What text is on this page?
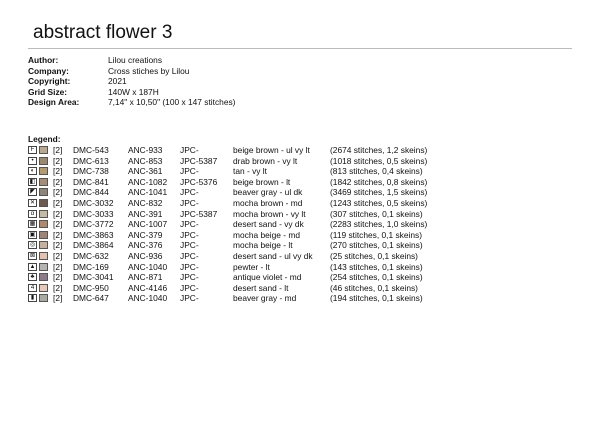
abstract flower 3
Author:	Lilou creations
Company:	Cross stiches by Lilou
Copyright:	2021
Grid Size:	140W x 187H
Design Area:	7,14" x 10,50" (100 x 147 stitches)
Legend:
F	[2] DMC-543 ANC-933 JPC-	beige brown - ul vy lt (2674 stitches, 1,2 skeins)
•	[2] DMC-613 ANC-853 JPC-5387 drab brown - vy lt	(1018 stitches, 0,5 skeins)
◐	[2] DMC-738 ANC-361 JPC-	tan - vy lt	(813 stitches, 0,4 skeins)
◧ [2] DMC-841 ANC-1082 JPC-5376 beige brown - lt	(1842 stitches, 0,8 skeins)
◤ [2] DMC-844 ANC-1041 JPC-	beaver gray - ul dk	(3469 stitches, 1,5 skeins)
✕ [2] DMC-3032 ANC-832 JPC-	mocha brown - md	(1243 stitches, 0,5 skeins)
α	[2] DMC-3033 ANC-391 JPC-5387 mocha brown - vy lt	(307 stitches, 0,1 skeins)
▦ [2] DMC-3772 ANC-1007 JPC-	desert sand - vy dk	(2283 stitches, 1,0 skeins)
▣ [2] DMC-3863 ANC-379 JPC-	mocha beige - md	(119 stitches, 0,1 skeins)
◎ [2] DMC-3864 ANC-376 JPC-	mocha beige - lt	(270 stitches, 0,1 skeins)
⊠ [2] DMC-632 ANC-936 JPC-	desert sand - ul vy dk (25 stitches, 0,1 skeins)
▲ [2] DMC-169 ANC-1040 JPC-	pewter - lt	(143 stitches, 0,1 skeins)
♣	[2] DMC-3041 ANC-871 JPC-	antique violet - md	(254 stitches, 0,1 skeins)
4	[2] DMC-950 ANC-4146 JPC-	desert sand - lt	(46 stitches, 0,1 skeins)
▮	[2] DMC-647 ANC-1040 JPC-	beaver gray - md	(194 stitches, 0,1 skeins)
